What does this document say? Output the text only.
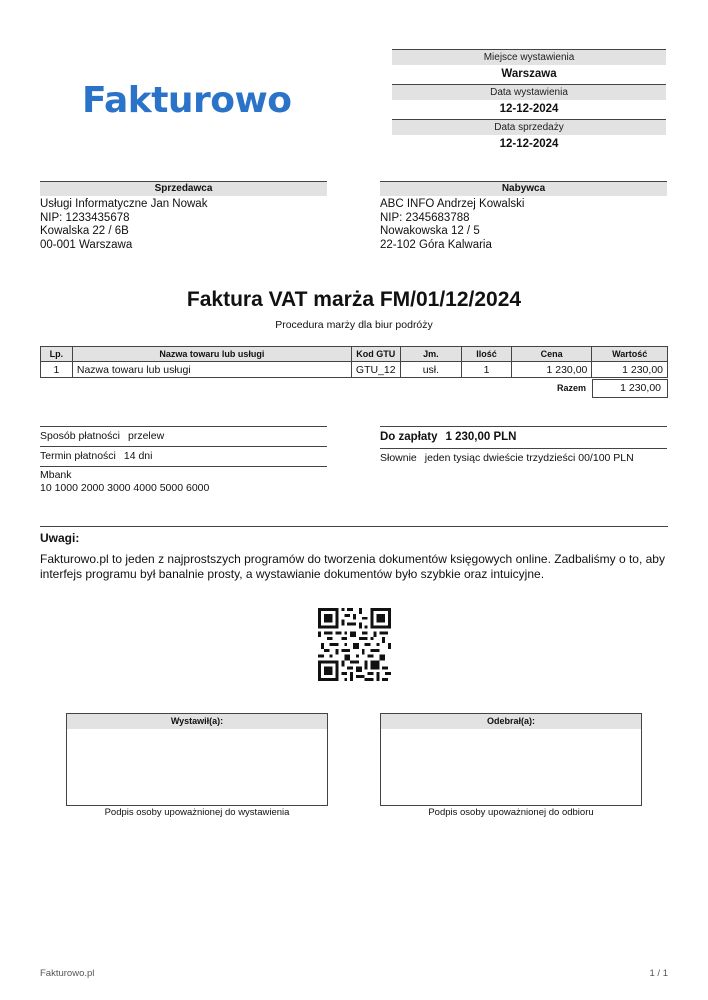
Fakturowo
Miejsce wystawienia
Warszawa
Data wystawienia
12-12-2024
Data sprzedaży
12-12-2024
Sprzedawca
Usługi Informatyczne Jan Nowak
NIP: 1233435678
Kowalska 22 / 6B
00-001 Warszawa
Nabywca
ABC INFO Andrzej Kowalski
NIP: 2345683788
Nowakowska 12 / 5
22-102 Góra Kalwaria
Faktura VAT marża FM/01/12/2024
Procedura marży dla biur podróży
Lp.	Nazwa towaru lub usługi	Kod GTU	Jm.	Ilość	Cena	Wartość
1	Nazwa towaru lub usługi	GTU_12	usł.	1	1 230,00	1 230,00
Razem	1 230,00
Sposób płatności przelew
Termin płatności 14 dni
Mbank
10 1000 2000 3000 4000 5000 6000
Do zapłaty 1 230,00 PLN
Słownie jeden tysiąc dwieście trzydzieści 00/100 PLN
Uwagi:
Fakturowo.pl to jeden z najprostszych programów do tworzenia dokumentów księgowych online. Zadbaliśmy o to, aby interfejs programu był banalnie prosty, a wystawianie dokumentów było szybkie oraz intuicyjne.
Wystawił(a):
Podpis osoby upoważnionej do wystawienia
Odebrał(a):
Podpis osoby upoważnionej do odbioru
Fakturowo.pl	1 / 1
